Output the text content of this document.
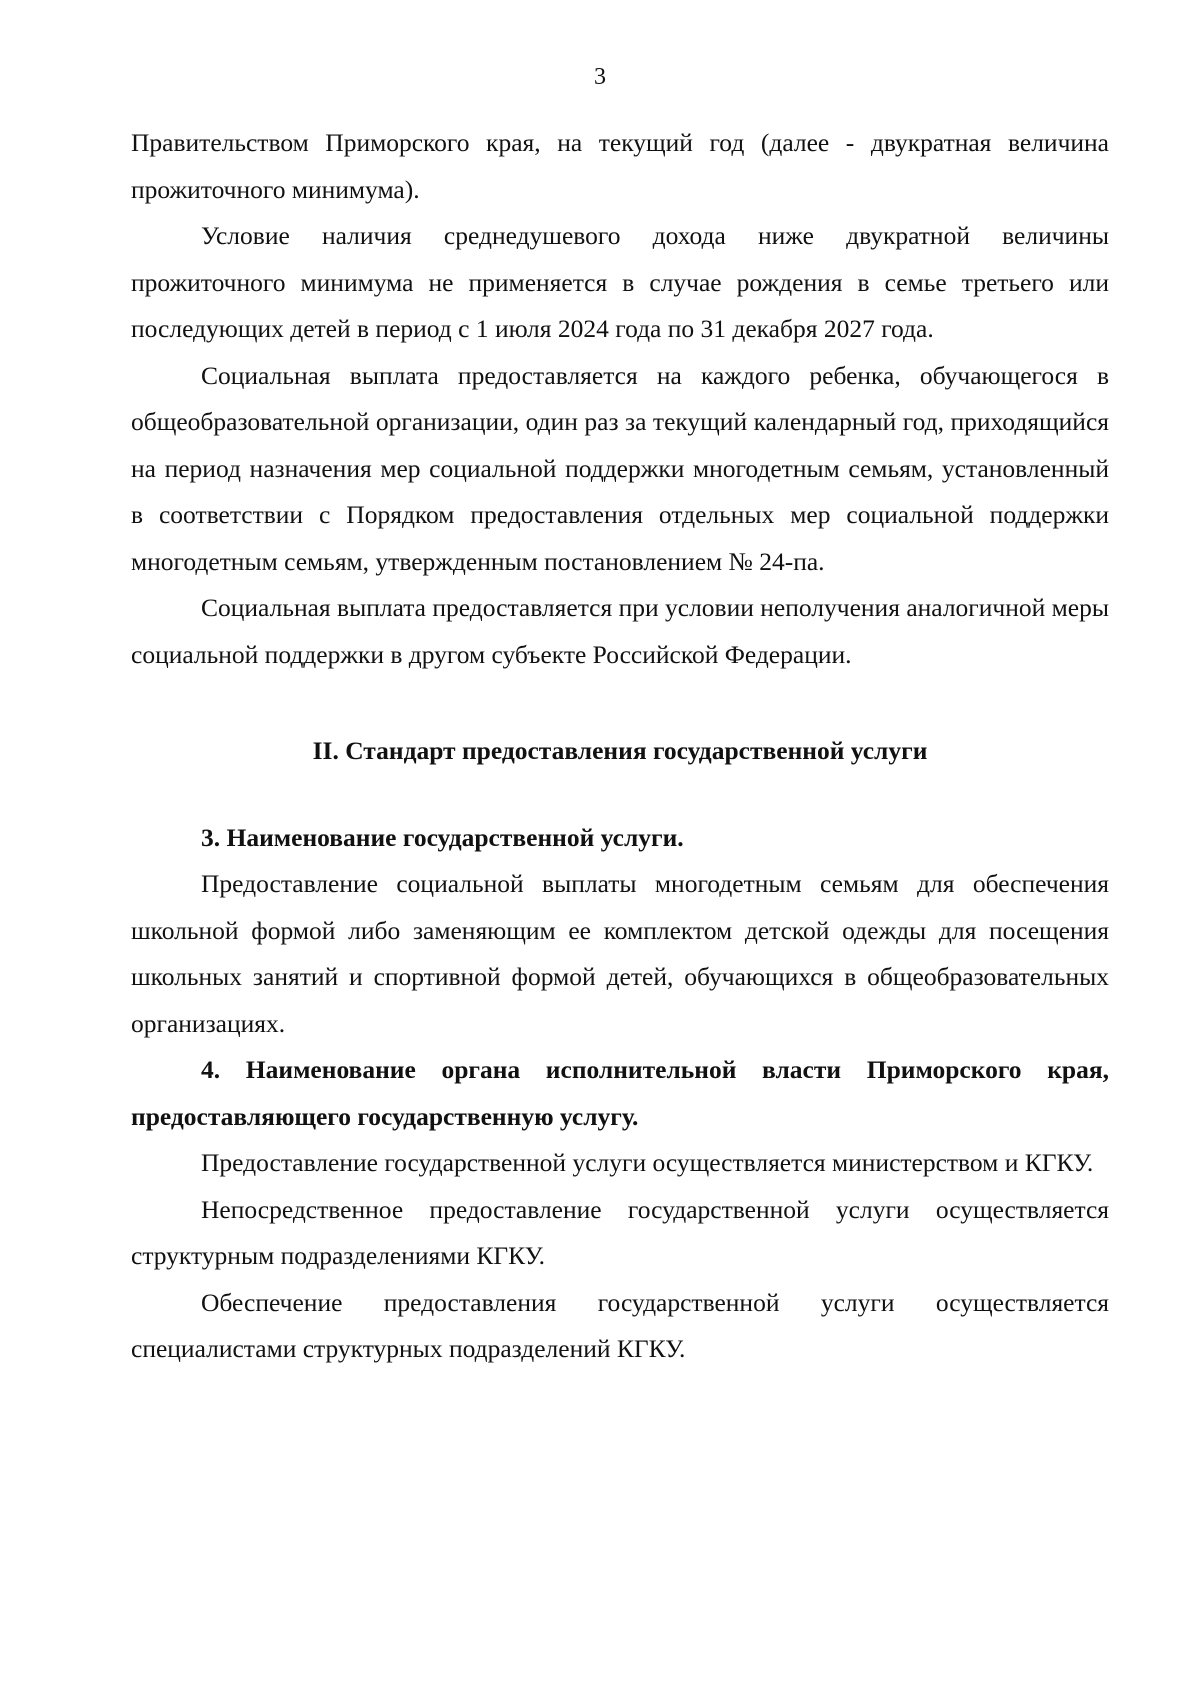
3

Правительством Приморского края, на текущий год (далее - двукратная величина прожиточного минимума).

Условие наличия среднедушевого дохода ниже двукратной величины прожиточного минимума не применяется в случае рождения в семье третьего или последующих детей в период с 1 июля 2024 года по 31 декабря 2027 года.

Социальная выплата предоставляется на каждого ребенка, обучающегося в общеобразовательной организации, один раз за текущий календарный год, приходящийся на период назначения мер социальной поддержки многодетным семьям, установленный в соответствии с Порядком предоставления отдельных мер социальной поддержки многодетным семьям, утвержденным постановлением № 24-па.

Социальная выплата предоставляется при условии неполучения аналогичной меры социальной поддержки в другом субъекте Российской Федерации.

II. Стандарт предоставления государственной услуги

3. Наименование государственной услуги.

Предоставление социальной выплаты многодетным семьям для обеспечения школьной формой либо заменяющим ее комплектом детской одежды для посещения школьных занятий и спортивной формой детей, обучающихся в общеобразовательных организациях.

4. Наименование органа исполнительной власти Приморского края, предоставляющего государственную услугу.

Предоставление государственной услуги осуществляется министерством и КГКУ.

Непосредственное предоставление государственной услуги осуществляется структурным подразделениями КГКУ.

Обеспечение предоставления государственной услуги осуществляется специалистами структурных подразделений КГКУ.
